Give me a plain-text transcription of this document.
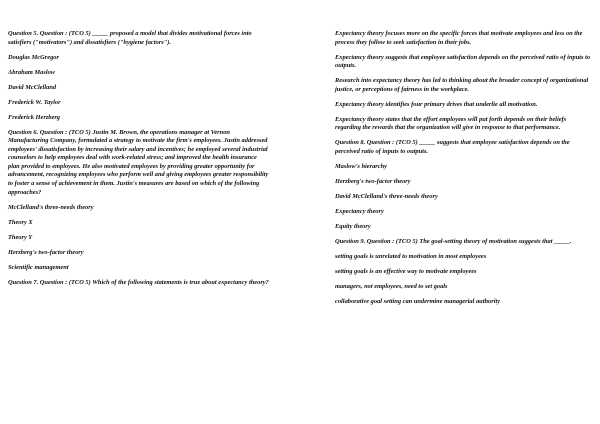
Question 5. Question : (TCO 5) _____ proposed a model that divides motivational forces into satisfiers ("motivators") and dissatisfiers ("hygiene factors").

Douglas McGregor

Abraham Maslow

David McClelland

Frederick W. Taylor

Frederick Herzberg

Question 6. Question : (TCO 5) Justin M. Brown, the operations manager at Vernon Manufacturing Company, formulated a strategy to motivate the firm's employees. Justin addressed employees' dissatisfaction by increasing their salary and incentives; he employed several industrial counselors to help employees deal with work-related stress; and improved the health insurance plan provided to employees. He also motivated employees by providing greater opportunity for advancement, recognizing employees who perform well and giving employees greater responsibility to foster a sense of achievement in them. Justin's measures are based on which of the following approaches?

McClelland's three-needs theory

Theory X

Theory Y

Herzberg's two-factor theory

Scientific management

Question 7. Question : (TCO 5) Which of the following statements is true about expectancy theory?

Expectancy theory focuses more on the specific forces that motivate employees and less on the process they follow to seek satisfaction in their jobs.

Expectancy theory suggests that employee satisfaction depends on the perceived ratio of inputs to outputs.

Research into expectancy theory has led to thinking about the broader concept of organizational justice, or perceptions of fairness in the workplace.

Expectancy theory identifies four primary drives that underlie all motivation.

Expectancy theory states that the effort employees will put forth depends on their beliefs regarding the rewards that the organization will give in response to that performance.

Question 8. Question : (TCO 5) _____ suggests that employee satisfaction depends on the perceived ratio of inputs to outputs.

Maslow's hierarchy

Herzberg's two-factor theory

David McClelland's three-needs theory

Expectancy theory

Equity theory

Question 9. Question : (TCO 5) The goal-setting theory of motivation suggests that _____.

setting goals is unrelated to motivation in most employees

setting goals is an effective way to motivate employees

managers, not employees, need to set goals

collaborative goal setting can undermine managerial authority
